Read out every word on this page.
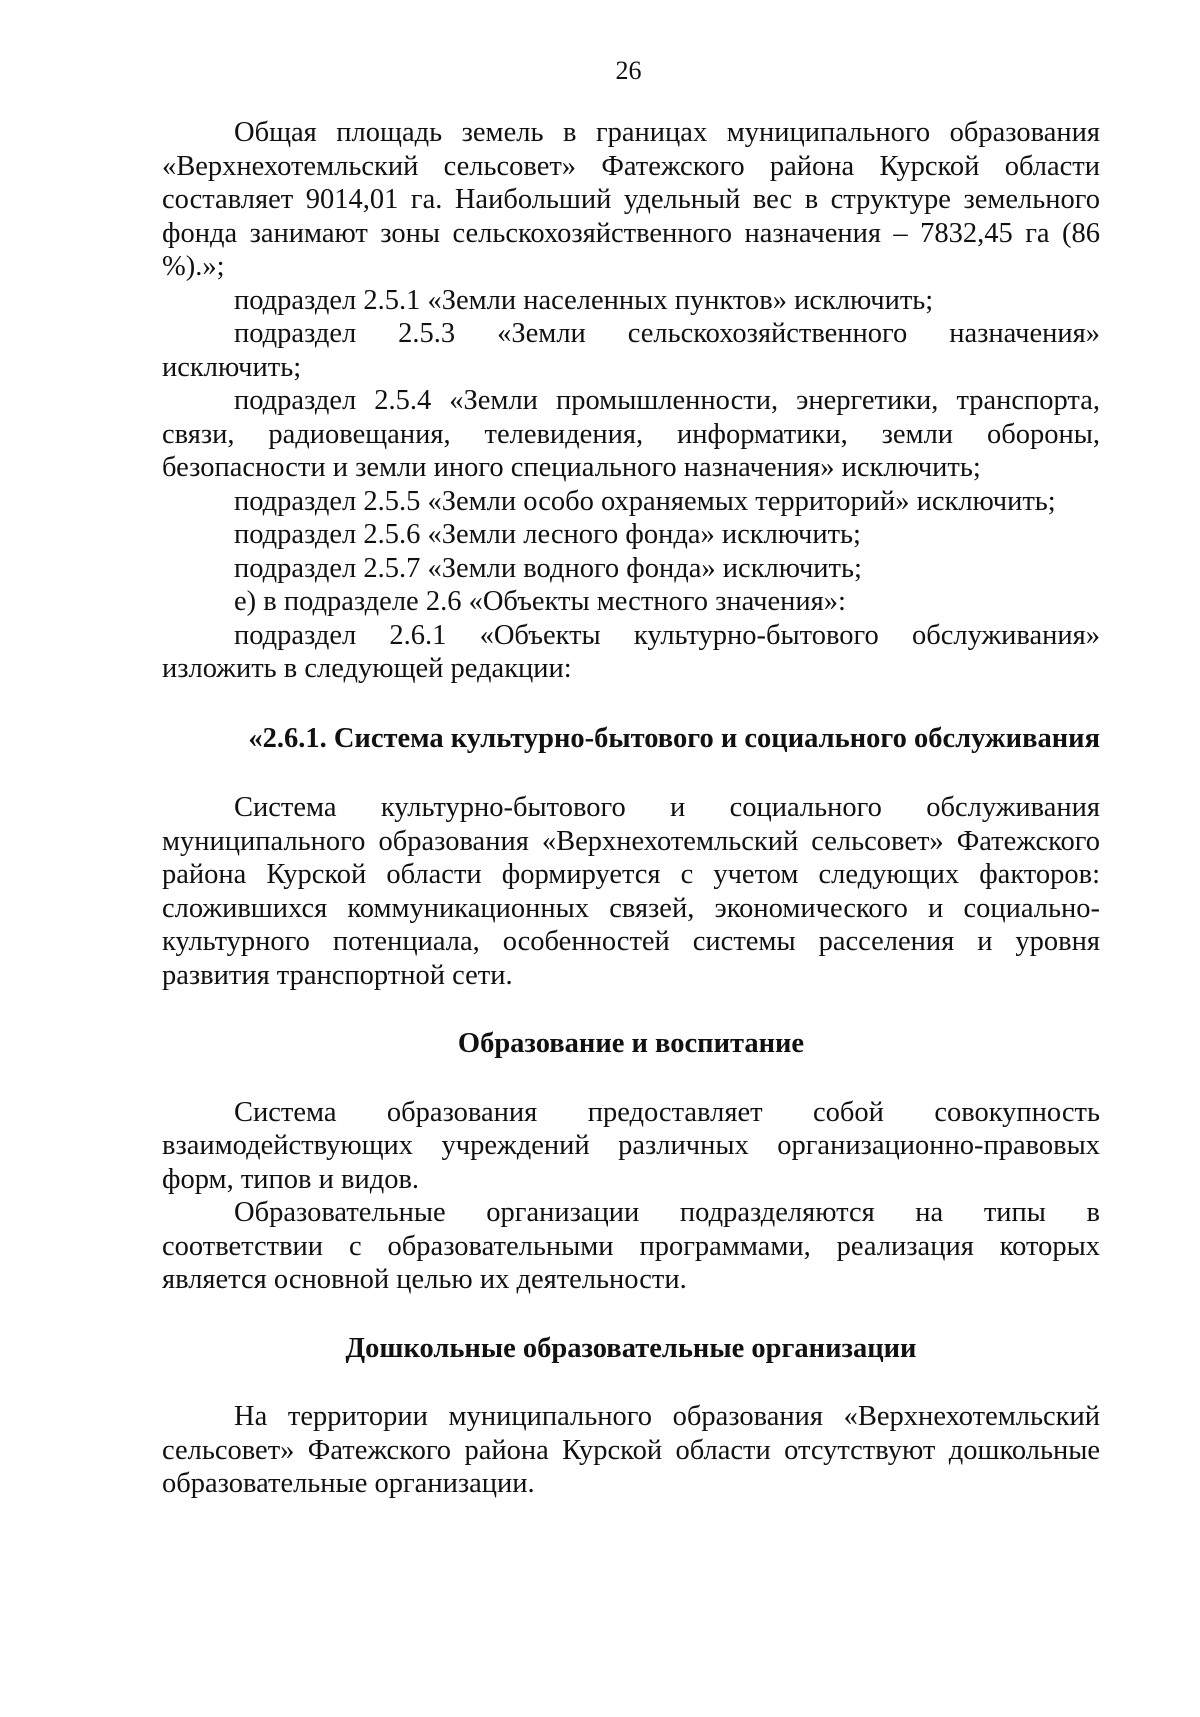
26

Общая площадь земель в границах муниципального образования «Верхнехотемльский сельсовет» Фатежского района Курской области составляет 9014,01 га. Наибольший удельный вес в структуре земельного фонда занимают зоны сельскохозяйственного назначения – 7832,45 га (86 %).»;

подраздел 2.5.1 «Земли населенных пунктов» исключить;

подраздел 2.5.3 «Земли сельскохозяйственного назначения» исключить;

подраздел 2.5.4 «Земли промышленности, энергетики, транспорта, связи, радиовещания, телевидения, информатики, земли обороны, безопасности и земли иного специального назначения» исключить;

подраздел 2.5.5 «Земли особо охраняемых территорий» исключить;

подраздел 2.5.6 «Земли лесного фонда» исключить;

подраздел 2.5.7 «Земли водного фонда» исключить;

е) в подразделе 2.6 «Объекты местного значения»:

подраздел 2.6.1 «Объекты культурно-бытового обслуживания» изложить в следующей редакции:

«2.6.1. Система культурно-бытового и социального обслуживания

Система культурно-бытового и социального обслуживания муниципального образования «Верхнехотемльский сельсовет» Фатежского района Курской области формируется с учетом следующих факторов: сложившихся коммуникационных связей, экономического и социально-культурного потенциала, особенностей системы расселения и уровня развития транспортной сети.

Образование и воспитание

Система образования предоставляет собой совокупность взаимодействующих учреждений различных организационно-правовых форм, типов и видов.

Образовательные организации подразделяются на типы в соответствии с образовательными программами, реализация которых является основной целью их деятельности.

Дошкольные образовательные организации

На территории муниципального образования «Верхнехотемльский сельсовет» Фатежского района Курской области отсутствуют дошкольные образовательные организации.
